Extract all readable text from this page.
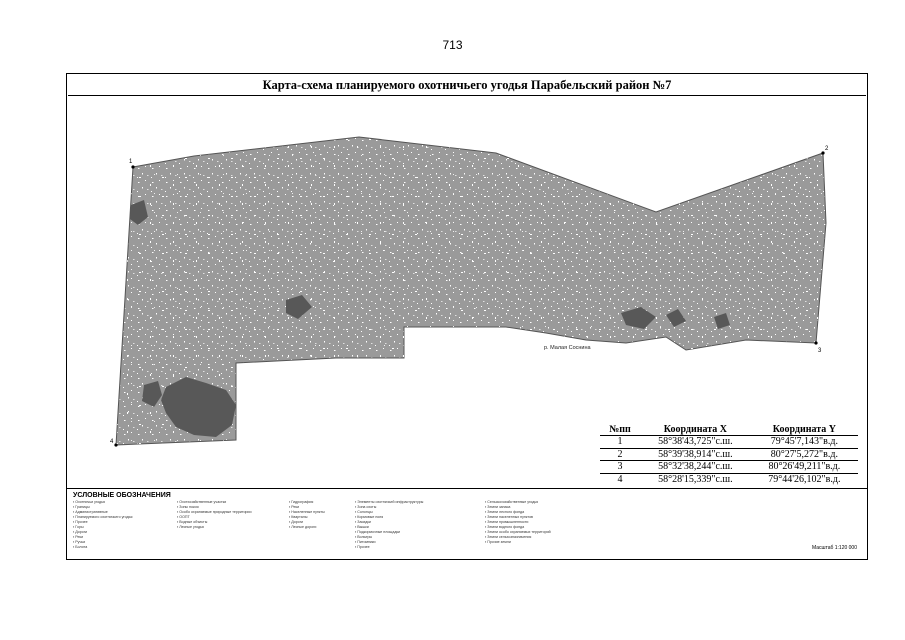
713
Карта-схема планируемого охотничьего угодья Парабельский район №7
1
2
3
4
р. Малая Соснина
№пп	Координата X	Координата Y
1	58°38'43,725"с.ш.	79°45'7,143"в.д.
2	58°39'38,914"с.ш.	80°27'5,272"в.д.
3	58°32'38,244"с.ш.	80°26'49,211"в.д.
4	58°28'15,339"с.ш.	79°44'26,102"в.д.
УСЛОВНЫЕ ОБОЗНАЧЕНИЯ
▪ Охотничьи угодья
▪ Границы
▪ Административные
▪ Планируемого охотничьего угодья
▪ Прочее
▪ Горы
▪ Дороги
▪ Реки
▪ Ручьи
▪ Болота
▪ Охотхозяйственные участки
▪ Зоны покоя
▪ Особо охраняемые природные территории
▪ ООПТ
▪ Водные объекты
▪ Лесные угодья
▪ Гидрография
▪ Реки
▪ Населенные пункты
▪ Кварталы
▪ Дороги
▪ Лесные дороги
▪ Элементы охотничьей инфраструктуры
▪ Зона охоты
▪ Солонцы
▪ Кормовые поля
▪ Засидки
▪ Вышки
▪ Подкормочные площадки
▪ Вольеры
▪ Питомники
▪ Прочее
▪ Сельскохозяйственные угодья
▪ Земли запаса
▪ Земли лесного фонда
▪ Земли населенных пунктов
▪ Земли промышленности
▪ Земли водного фонда
▪ Земли особо охраняемых территорий
▪ Земли сельхозназначения
▪ Прочие земли
Масштаб 1:120 000
